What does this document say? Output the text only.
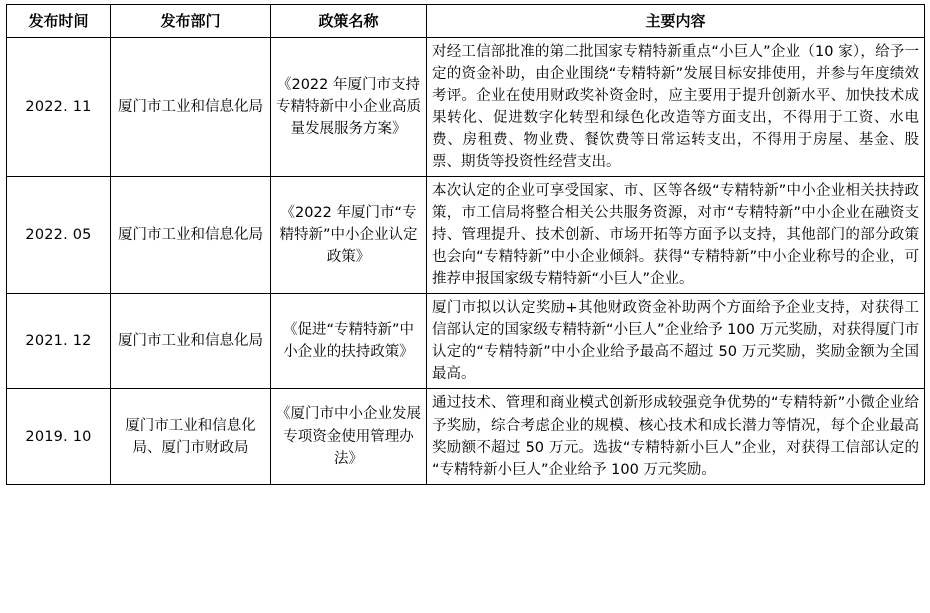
发布时间	发布部门	政策名称	主要内容
2022. 11	厦门市工业和信息化局	《2022 年厦门市支持专精特新中小企业高质量发展服务方案》	对经工信部批准的第二批国家专精特新重点“小巨人”企业（10 家），给予一定的资金补助，由企业围绕“专精特新”发展目标安排使用，并参与年度绩效考评。企业在使用财政奖补资金时，应主要用于提升创新水平、加快技术成果转化、促进数字化转型和绿色化改造等方面支出，不得用于工资、水电费、房租费、物业费、餐饮费等日常运转支出，不得用于房屋、基金、股票、期货等投资性经营支出。
2022. 05	厦门市工业和信息化局	《2022 年厦门市“专精特新”中小企业认定政策》	本次认定的企业可享受国家、市、区等各级“专精特新”中小企业相关扶持政策，市工信局将整合相关公共服务资源，对市“专精特新”中小企业在融资支持、管理提升、技术创新、市场开拓等方面予以支持，其他部门的部分政策也会向“专精特新”中小企业倾斜。获得“专精特新”中小企业称号的企业，可推荐申报国家级专精特新“小巨人”企业。
2021. 12	厦门市工业和信息化局	《促进“专精特新”中小企业的扶持政策》	厦门市拟以认定奖励+其他财政资金补助两个方面给予企业支持，对获得工信部认定的国家级专精特新“小巨人”企业给予 100 万元奖励，对获得厦门市认定的“专精特新”中小企业给予最高不超过 50 万元奖励，奖励金额为全国最高。
2019. 10	厦门市工业和信息化局、厦门市财政局	《厦门市中小企业发展专项资金使用管理办法》	通过技术、管理和商业模式创新形成较强竞争优势的“专精特新”小微企业给予奖励，综合考虑企业的规模、核心技术和成长潜力等情况，每个企业最高奖励额不超过 50 万元。选拔“专精特新小巨人”企业，对获得工信部认定的“专精特新小巨人”企业给予 100 万元奖励。
